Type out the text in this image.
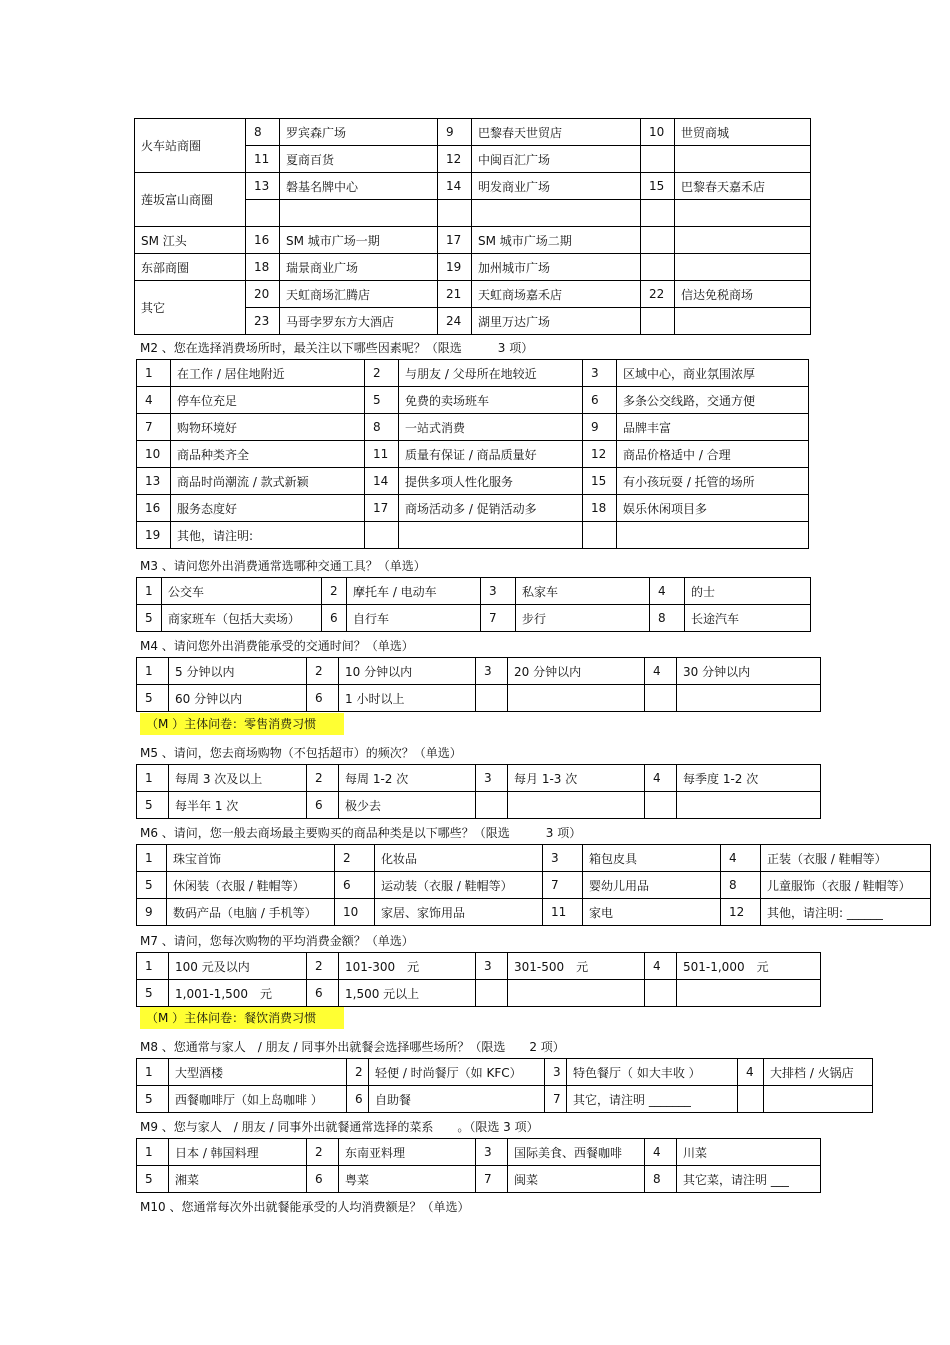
火车站商圈	8	罗宾森广场	9	巴黎春天世贸店	10	世贸商城
	11	夏商百货	12	中闽百汇广场		
莲坂富山商圈	13	磐基名牌中心	14	明发商业广场	15	巴黎春天嘉禾店

SM 江头	16	SM 城市广场一期	17	SM 城市广场二期		
东部商圈	18	瑞景商业广场	19	加州城市广场		
其它	20	天虹商场汇腾店	21	天虹商场嘉禾店	22	信达免税商场
	23	马哥孛罗东方大酒店	24	湖里万达广场		
M2 、您在选择消费场所时，最关注以下哪些因素呢？（限选　　　3 项）
1	在工作 / 居住地附近	2	与朋友 / 父母所在地较近	3	区域中心，商业氛围浓厚
4	停车位充足	5	免费的卖场班车	6	多条公交线路，交通方便
7	购物环境好	8	一站式消费	9	品牌丰富
10	商品种类齐全	11	质量有保证 / 商品质量好	12	商品价格适中 / 合理
13	商品时尚潮流 / 款式新颖	14	提供多项人性化服务	15	有小孩玩耍 / 托管的场所
16	服务态度好	17	商场活动多 / 促销活动多	18	娱乐休闲项目多
19	其他，请注明:				
M3 、请问您外出消费通常选哪种交通工具？（单选）
1	公交车	2	摩托车 / 电动车	3	私家车	4	的士
5	商家班车（包括大卖场）	6	自行车	7	步行	8	长途汽车
M4 、请问您外出消费能承受的交通时间？（单选）
1	5 分钟以内	2	10 分钟以内	3	20 分钟以内	4	30 分钟以内
5	60 分钟以内	6	1 小时以上				
（M ）主体问卷：零售消费习惯
M5 、请问，您去商场购物（不包括超市）的频次？（单选）
1	每周 3 次及以上	2	每周 1-2 次	3	每月 1-3 次	4	每季度 1-2 次
5	每半年 1 次	6	极少去				
M6 、请问，您一般去商场最主要购买的商品种类是以下哪些？（限选　　　3 项）
1	珠宝首饰	2	化妆品	3	箱包皮具	4	正装（衣服 / 鞋帽等）
5	休闲装（衣服 / 鞋帽等）	6	运动装（衣服 / 鞋帽等）	7	婴幼儿用品	8	儿童服饰（衣服 / 鞋帽等）
9	数码产品（电脑 / 手机等）	10	家居、家饰用品	11	家电	12	其他，请注明: ______
M7 、请问，您每次购物的平均消费金额？（单选）
1	100 元及以内	2	101-300　元	3	301-500　元	4	501-1,000　元
5	1,001-1,500　元	6	1,500 元以上				
（M ）主体问卷：餐饮消费习惯
M8 、您通常与家人　/ 朋友 / 同事外出就餐会选择哪些场所？（限选　　2 项）
1	大型酒楼	2	轻便 / 时尚餐厅（如 KFC）	3	特色餐厅（ 如大丰收 ）	4	大排档 / 火锅店
5	西餐咖啡厅（如上岛咖啡 ）	6	自助餐	7	其它，请注明 _______		
M9 、您与家人　/ 朋友 / 同事外出就餐通常选择的菜系　　。（限选 3 项）
1	日本 / 韩国料理	2	东南亚料理	3	国际美食、西餐咖啡	4	川菜
5	湘菜	6	粤菜	7	闽菜	8	其它菜，请注明 ___
M10 、您通常每次外出就餐能承受的人均消费额是？（单选）
